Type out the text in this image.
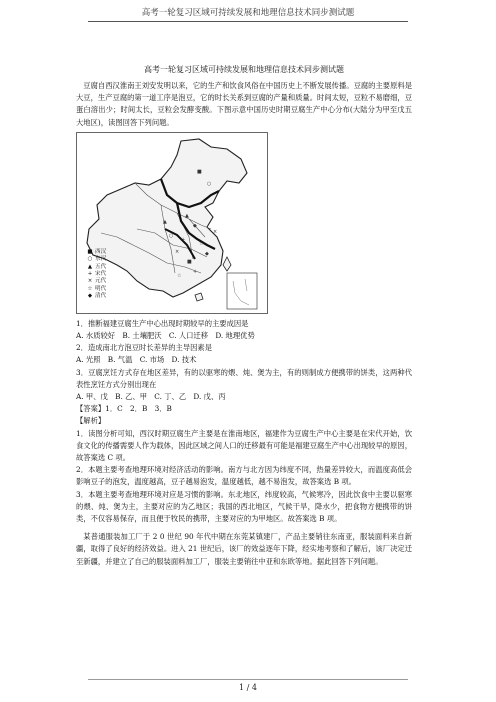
高考一轮复习区域可持续发展和地理信息技术同步测试题
高考一轮复习区域可持续发展和地理信息技术同步测试题

豆腐自西汉淮南王刘安发明以来，它的生产和饮食风俗在中国历史上不断发展传播。豆腐的主要原料是大豆，生产豆腐的第一道工序是泡豆，它的时长关系到豆腐的产量和质量。时间太短，豆粒不易磨细，豆蛋白溶出少；时间太长，豆粒会发酵变酸。下图示意中国历史时期豆腐生产中心分布(大陆分为甲至戊五大地区)，读图回答下列问题。

■
○
▲
◆
+
×
☆
■
○
◆
+
☆
▲
×
■ 西汉
○ 东汉
▲ 五代
+ 宋代
× 元代
☆ 明代
◆ 清代

1．推断福建豆腐生产中心出现时期较早的主要成因是

A. 水质较好　B. 土壤肥沃　C. 人口迁移　D. 地理优势

2．造成南北方泡豆时长差异的主导因素是

A. 光照　B. 气温　C. 市场　D. 技术

3．豆腐烹饪方式存在地区差异，有的以驱寒的煨、炖、煲为主，有的则制成方便携带的饼类，这两种代表性烹饪方式分别出现在

A. 甲、戊　B. 乙、甲　C. 丁、乙　D. 戊、丙

【答案】1．C　2．B　3．B

【解析】

1．读图分析可知，西汉时期豆腐生产主要是在淮南地区，福建作为豆腐生产中心主要是在宋代开始，饮食文化的传播需要人作为载体，因此区域之间人口的迁移最有可能是福建豆腐生产中心出现较早的原因，故答案选 C 项。

2．本题主要考查地理环境对经济活动的影响。南方与北方因为纬度不同，热量差异较大，而温度高低会影响豆子的泡发，温度越高，豆子越易泡发，温度越低，越不易泡发，故答案选 B 项。

3．本题主要考查地理环境对应是习惯的影响。东北地区，纬度较高，气候寒冷，因此饮食中主要以驱寒的煨、炖、煲为主，主要对应的为乙地区；我国的西北地区，气候干旱，降水少，把食物方便携带的饼类，不仅容易保存，而且便于牧民的携带，主要对应的为甲地区。故答案选 B 项。

某普通服装加工厂于 2 0 世纪 90 年代中期在东莞某镇建厂，产品主要销往东南亚，服装面料来自新疆，取得了良好的经济效益。进入 21 世纪后，该厂的效益逐年下降，经实地考察和了解后，该厂决定迁至新疆，并建立了自己的服装面料加工厂，服装主要销往中亚和东欧等地。据此回答下列问题。

1 / 4
